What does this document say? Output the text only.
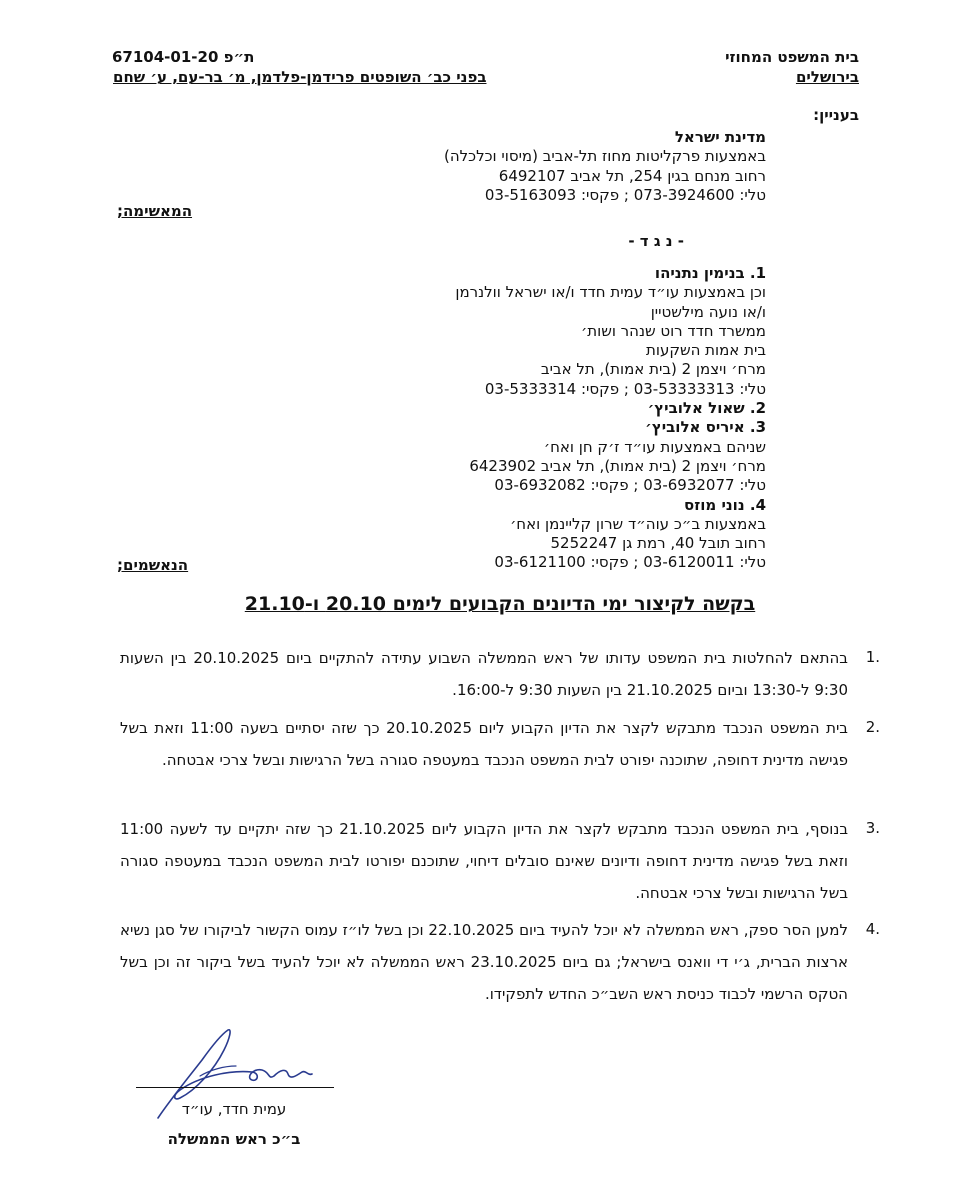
בית המשפט המחוזי
בירושלים
ת״פ 67104-01-20
בפני כב׳ השופטים פרידמן-פלדמן, מ׳ בר-עם, ע׳ שחם
בעניין:
מדינת ישראל
באמצעות פרקליטות מחוז תל-אביב (מיסוי וכלכלה)
רחוב מנחם בגין 254, תל אביב 6492107
טלי: 073-3924600 ; פקסי: 03-5163093
המאשימה;
- נ ג ד -
1. בנימין נתניהו
וכן באמצעות עו״ד עמית חדד ו/או ישראל וולנרמן
ו/או נועה מילשטיין
ממשרד חדד רוט שנהר ושות׳
בית אמות השקעות
מרח׳ ויצמן 2 (בית אמות), תל אביב
טלי: 03-53333313 ; פקסי: 03-5333314
2. שאול אלוביץ׳
3. איריס אלוביץ׳
שניהם באמצעות עו״ד ז׳ק חן ואח׳
מרח׳ ויצמן 2 (בית אמות), תל אביב 6423902
טלי: 03-6932077 ; פקסי: 03-6932082
4. נוני מוזס
באמצעות ב״כ עוה״ד שרון קליינמן ואח׳
רחוב תובל 40, רמת גן 5252247
טלי: 03-6120011 ; פקסי: 03-6121100
הנאשמים;
בקשה לקיצור ימי הדיונים הקבועים לימים 20.10 ו-21.10
1.
בהתאם להחלטות בית המשפט עדותו של ראש הממשלה השבוע עתידה להתקיים ביום 20.10.2025 בין השעות 9:30 ל-13:30 וביום 21.10.2025 בין השעות 9:30 ל-16:00.
2.
בית המשפט הנכבד מתבקש לקצר את הדיון הקבוע ליום 20.10.2025 כך שזה יסתיים בשעה 11:00 וזאת בשל פגישה מדינית דחופה, שתוכנה יפורט לבית המשפט הנכבד במעטפה סגורה בשל הרגישות ובשל צרכי אבטחה.
3.
בנוסף, בית המשפט הנכבד מתבקש לקצר את הדיון הקבוע ליום 21.10.2025 כך שזה יתקיים עד לשעה 11:00 וזאת בשל פגישה מדינית דחופה ודיונים שאינם סובלים דיחוי, שתוכנם יפורטו לבית המשפט הנכבד במעטפה סגורה בשל הרגישות ובשל צרכי אבטחה.
4.
למען הסר ספק, ראש הממשלה לא יוכל להעיד ביום 22.10.2025 וכן בשל לו״ז עמוס הקשור לביקורו של סגן נשיא ארצות הברית, ג׳י די וואנס בישראל; גם ביום 23.10.2025 ראש הממשלה לא יוכל להעיד בשל ביקור זה וכן בשל הטקס הרשמי לכבוד כניסת ראש השב״כ החדש לתפקידו.
עמית חדד, עו״ד
ב״כ ראש הממשלה
